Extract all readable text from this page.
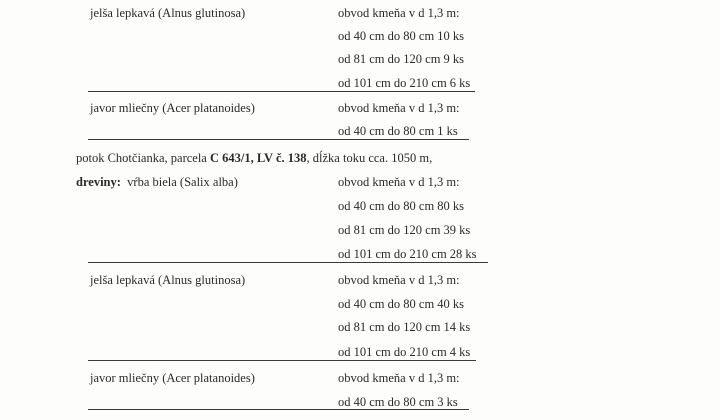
jelša lepkavá (Alnus glutinosa)	obvod kmeňa v d 1,3 m:
od 40 cm do 80 cm 10 ks
od 81 cm do 120 cm 9 ks
od 101 cm do 210 cm 6 ks
javor mliečny (Acer platanoides)	obvod kmeňa v d 1,3 m:
od 40 cm do 80 cm 1 ks
potok Chotčianka, parcela C 643/1, LV č. 138, dĺžka toku cca. 1050 m,
dreviny: vŕba biela (Salix alba)	obvod kmeňa v d 1,3 m:
od 40 cm do 80 cm 80 ks
od 81 cm do 120 cm 39 ks
od 101 cm do 210 cm 28 ks
jelša lepkavá (Alnus glutinosa)	obvod kmeňa v d 1,3 m:
od 40 cm do 80 cm 40 ks
od 81 cm do 120 cm 14 ks
od 101 cm do 210 cm 4 ks
javor mliečny (Acer platanoides)	obvod kmeňa v d 1,3 m:
od 40 cm do 80 cm 3 ks
